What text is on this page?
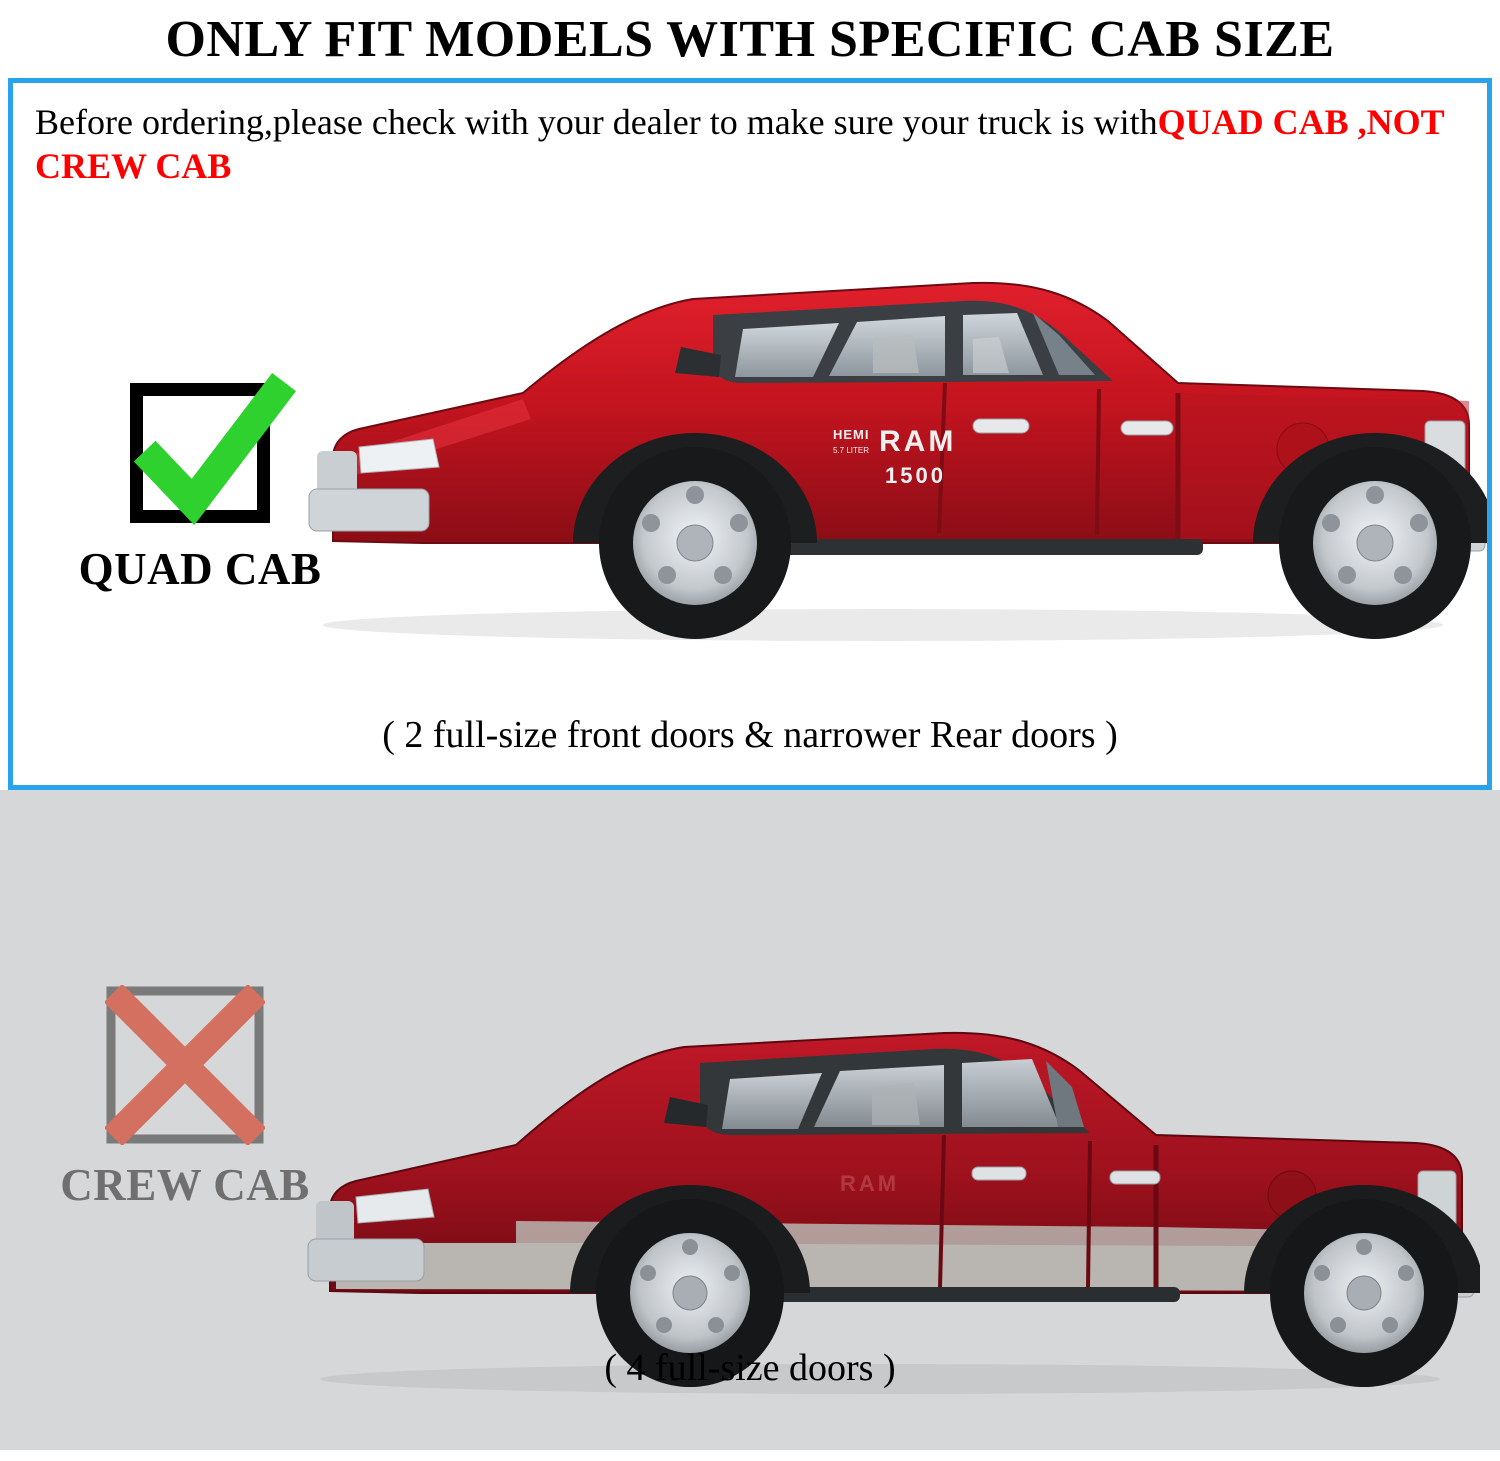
ONLY FIT MODELS WITH SPECIFIC CAB SIZE
Before ordering,please check with your dealer to make sure your truck is withQUAD CAB ,NOT CREW CAB
HEMI
5.7 LITER RAM
1500
QUAD CAB
( 2 full-size front doors & narrower Rear doors )
RAM
CREW CAB
( 4 full-size doors )
